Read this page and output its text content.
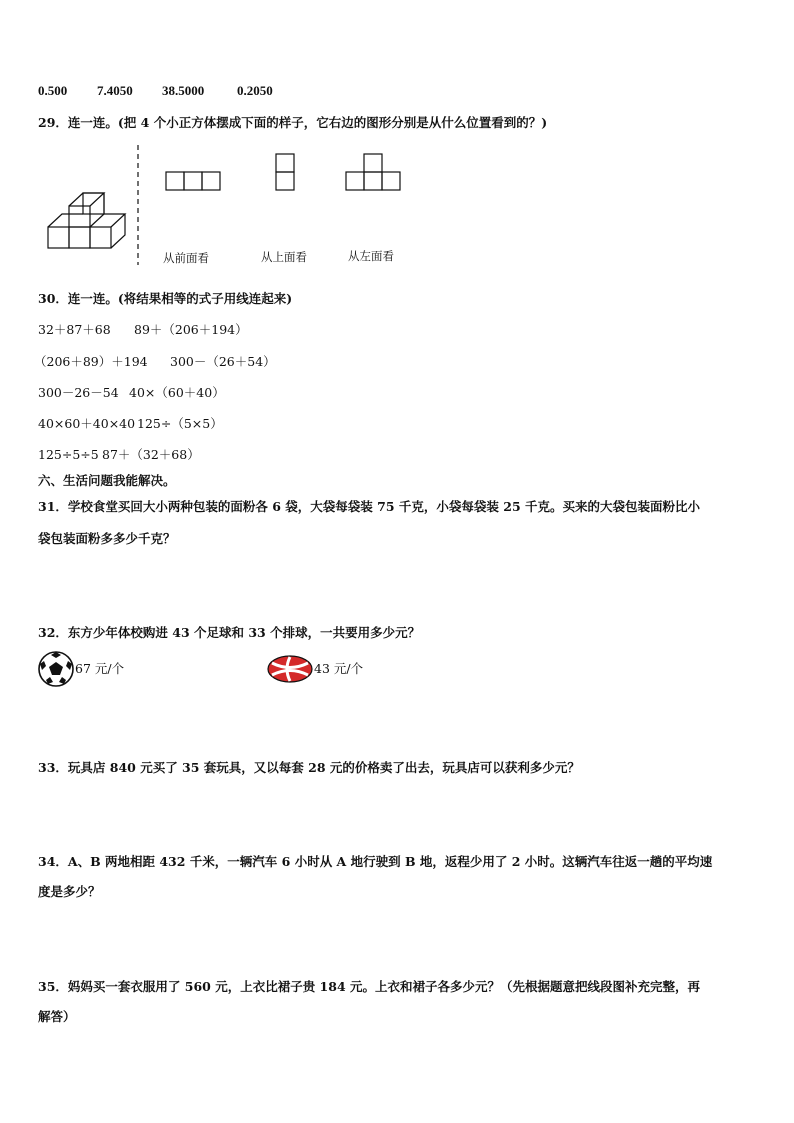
0.500 7.4050 38.5000	0.2050
29．连一连。(把 4 个小正方体摆成下面的样子，它右边的图形分别是从什么位置看到的？)
从前面看	从上面看	从左面看
30．连一连。(将结果相等的式子用线连起来)
32＋87＋68 89＋（206＋194）
（206＋89）＋194 300－（26＋54）
300－26－54 40×（60＋40）
40×60＋40×40 125÷（5×5）
125÷5÷5 87＋（32＋68）
六、生活问题我能解决。
31．学校食堂买回大小两种包装的面粉各 6 袋，大袋每袋装 75 千克，小袋每袋装 25 千克。买来的大袋包装面粉比小
袋包装面粉多多少千克？
32．东方少年体校购进 43 个足球和 33 个排球，一共要用多少元？
67 元/个	43 元/个
33．玩具店 840 元买了 35 套玩具，又以每套 28 元的价格卖了出去，玩具店可以获利多少元？
34．A、B 两地相距 432 千米，一辆汽车 6 小时从 A 地行驶到 B 地，返程少用了 2 小时。这辆汽车往返一趟的平均速
度是多少？
35．妈妈买一套衣服用了 560 元，上衣比裙子贵 184 元。上衣和裙子各多少元？（先根据题意把线段图补充完整，再
解答）
